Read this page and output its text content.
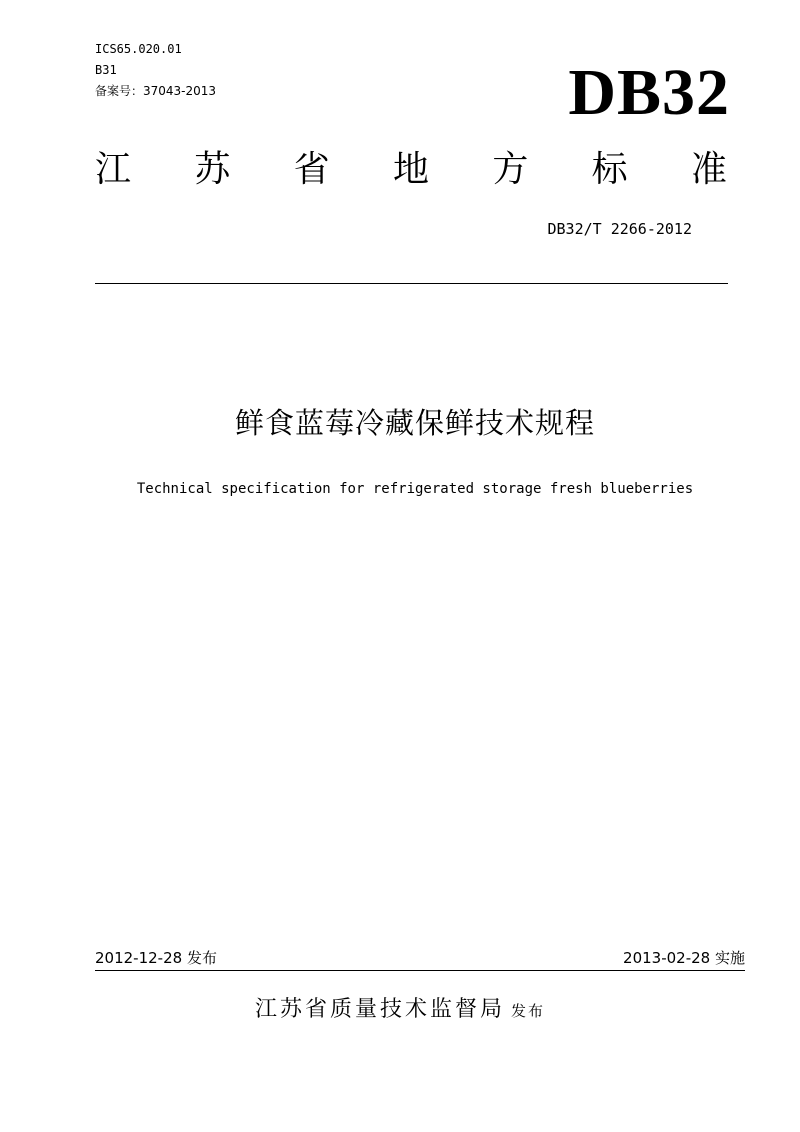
ICS65.020.01
B31
备案号：37043-2013	DB32
江 苏 省 地 方 标 准
DB32/T 2266-2012
鲜食蓝莓冷藏保鲜技术规程
Technical specification for refrigerated storage fresh blueberries
2012-12-28 发布	2013-02-28 实施
江苏省质量技术监督局 发布
